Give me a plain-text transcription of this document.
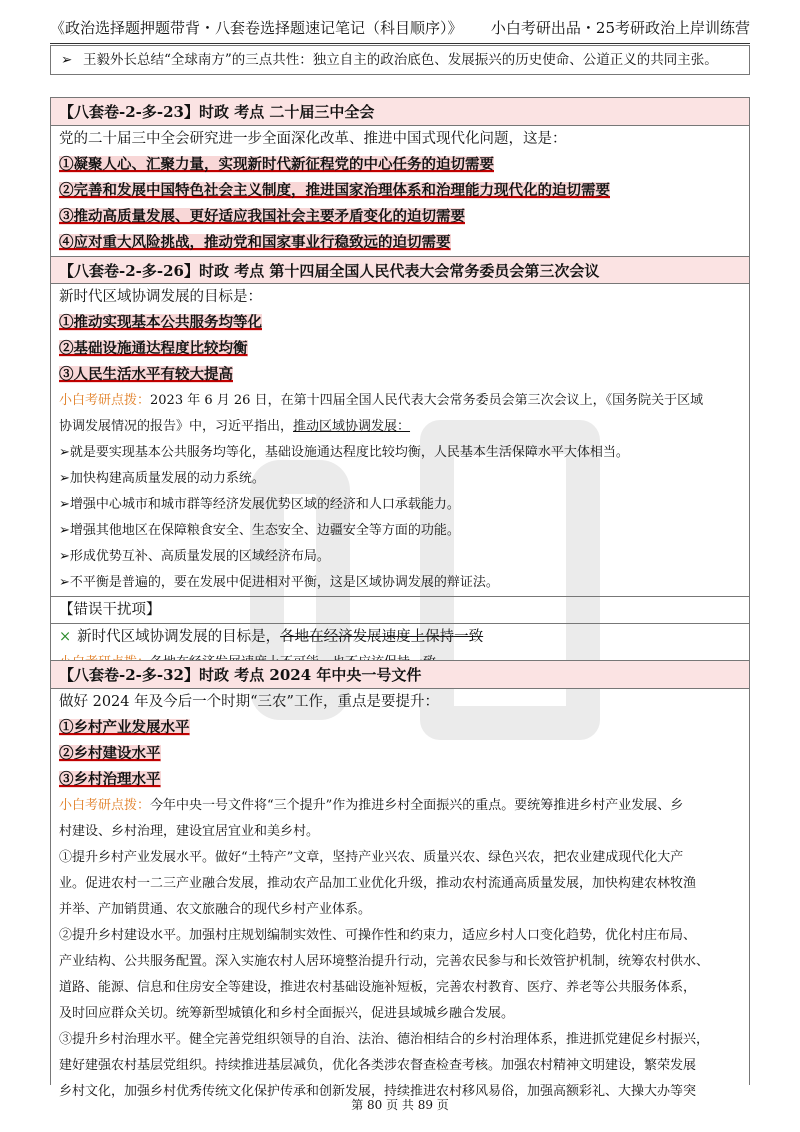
《政治选择题押题带背・八套卷选择题速记笔记（科目顺序）》 小白考研出品・25考研政治上岸训练营
➢ 王毅外长总结“全球南方”的三点共性：独立自主的政治底色、发展振兴的历史使命、公道正义的共同主张。
【八套卷-2-多-23】时政 考点 二十届三中全会
党的二十届三中全会研究进一步全面深化改革、推进中国式现代化问题，这是：
①凝聚人心、汇聚力量，实现新时代新征程党的中心任务的迫切需要
②完善和发展中国特色社会主义制度，推进国家治理体系和治理能力现代化的迫切需要
③推动高质量发展、更好适应我国社会主要矛盾变化的迫切需要
④应对重大风险挑战，推动党和国家事业行稳致远的迫切需要
【八套卷-2-多-26】时政 考点 第十四届全国人民代表大会常务委员会第三次会议
新时代区域协调发展的目标是：
①推动实现基本公共服务均等化
②基础设施通达程度比较均衡
③人民生活水平有较大提高
小白考研点拨：2023 年 6 月 26 日，在第十四届全国人民代表大会常务委员会第三次会议上，《国务院关于区域
协调发展情况的报告》中，习近平指出，推动区域协调发展：
➢就是要实现基本公共服务均等化，基础设施通达程度比较均衡，人民基本生活保障水平大体相当。
➢加快构建高质量发展的动力系统。
➢增强中心城市和城市群等经济发展优势区域的经济和人口承载能力。
➢增强其他地区在保障粮食安全、生态安全、边疆安全等方面的功能。
➢形成优势互补、高质量发展的区域经济布局。
➢不平衡是普遍的，要在发展中促进相对平衡，这是区域协调发展的辩证法。
【错误干扰项】
× 新时代区域协调发展的目标是，各地在经济发展速度上保持一致
【八套卷-2-多-32】时政 考点 2024 年中央一号文件
做好 2024 年及今后一个时期“三农”工作，重点是要提升：
①乡村产业发展水平
②乡村建设水平
③乡村治理水平
小白考研点拨：今年中央一号文件将“三个提升”作为推进乡村全面振兴的重点。要统筹推进乡村产业发展、乡
村建设、乡村治理，建设宜居宜业和美乡村。
①提升乡村产业发展水平。做好“土特产”文章，坚持产业兴农、质量兴农、绿色兴农，把农业建成现代化大产
业。促进农村一二三产业融合发展，推动农产品加工业优化升级，推动农村流通高质量发展，加快构建农林牧渔
并举、产加销贯通、农文旅融合的现代乡村产业体系。
②提升乡村建设水平。加强村庄规划编制实效性、可操作性和约束力，适应乡村人口变化趋势，优化村庄布局、
产业结构、公共服务配置。深入实施农村人居环境整治提升行动，完善农民参与和长效管护机制，统筹农村供水、
道路、能源、信息和住房安全等建设，推进农村基础设施补短板，完善农村教育、医疗、养老等公共服务体系，
及时回应群众关切。统筹新型城镇化和乡村全面振兴，促进县域城乡融合发展。
③提升乡村治理水平。健全完善党组织领导的自治、法治、德治相结合的乡村治理体系，推进抓党建促乡村振兴，
建好建强农村基层党组织。持续推进基层减负，优化各类涉农督查检查考核。加强农村精神文明建设，繁荣发展
乡村文化，加强乡村优秀传统文化保护传承和创新发展，持续推进农村移风易俗，加强高额彩礼、大操大办等突
第 80 页 共 89 页
